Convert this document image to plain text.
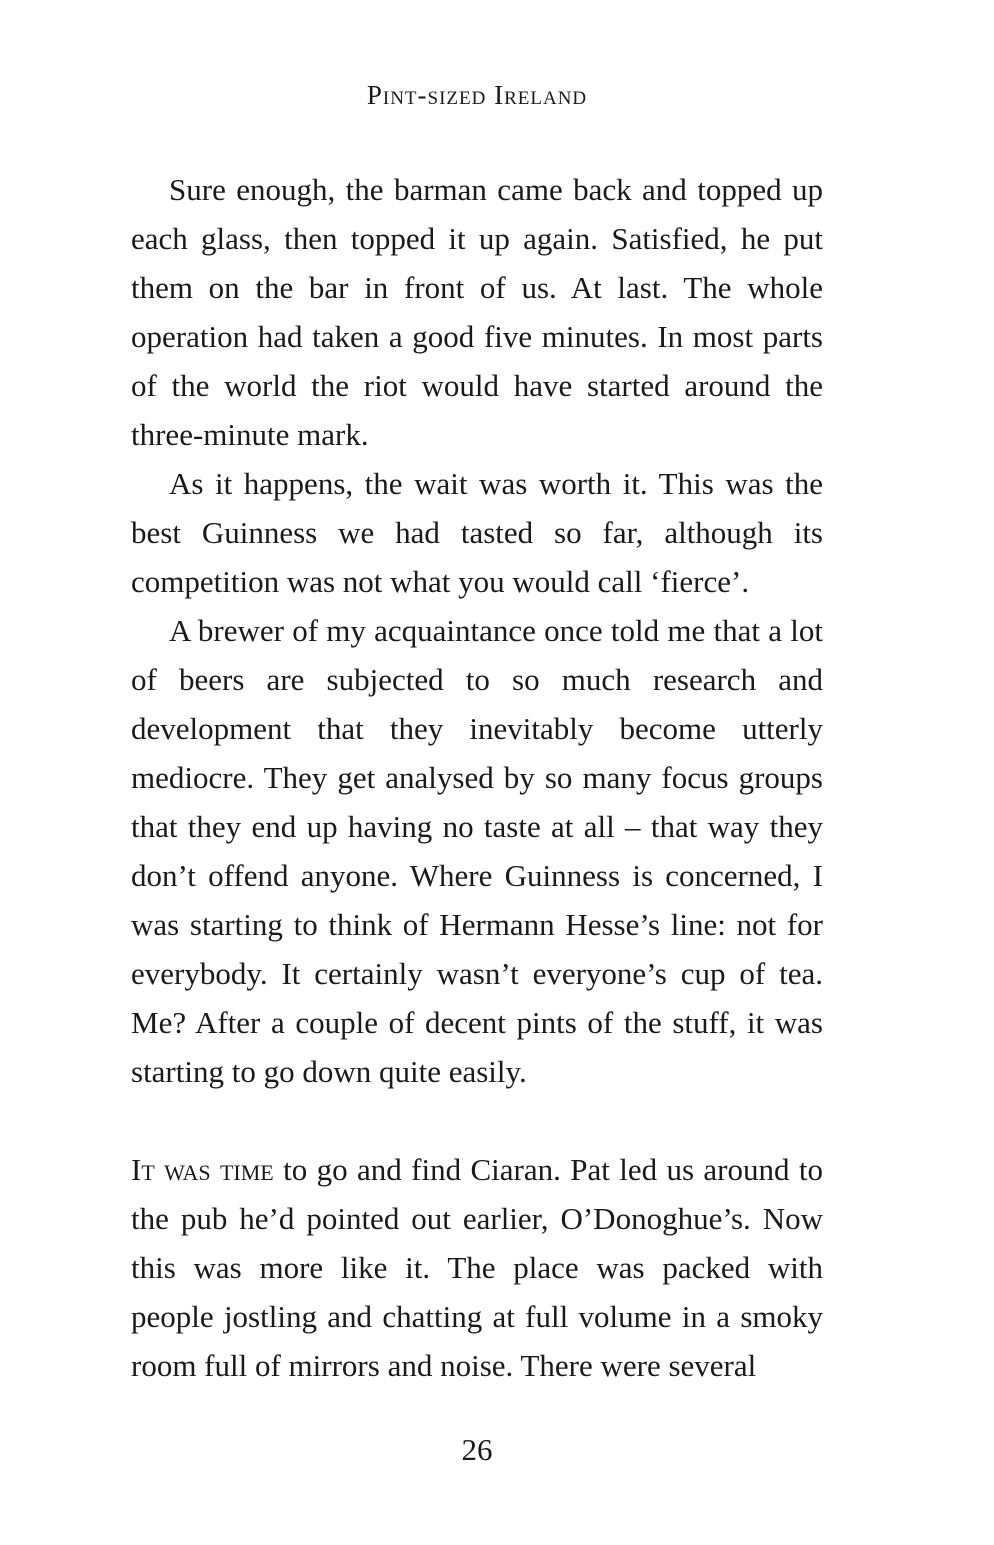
Pint-sized Ireland

Sure enough, the barman came back and topped up each glass, then topped it up again. Satisfied, he put them on the bar in front of us. At last. The whole operation had taken a good five minutes. In most parts of the world the riot would have started around the three-minute mark.

As it happens, the wait was worth it. This was the best Guinness we had tasted so far, although its competition was not what you would call ‘fierce’.

A brewer of my acquaintance once told me that a lot of beers are subjected to so much research and development that they inevitably become utterly mediocre. They get analysed by so many focus groups that they end up having no taste at all – that way they don’t offend anyone. Where Guinness is concerned, I was starting to think of Hermann Hesse’s line: not for everybody. It certainly wasn’t everyone’s cup of tea. Me? After a couple of decent pints of the stuff, it was starting to go down quite easily.

It was time to go and find Ciaran. Pat led us around to the pub he’d pointed out earlier, O’Donoghue’s. Now this was more like it. The place was packed with people jostling and chatting at full volume in a smoky room full of mirrors and noise. There were several

26
